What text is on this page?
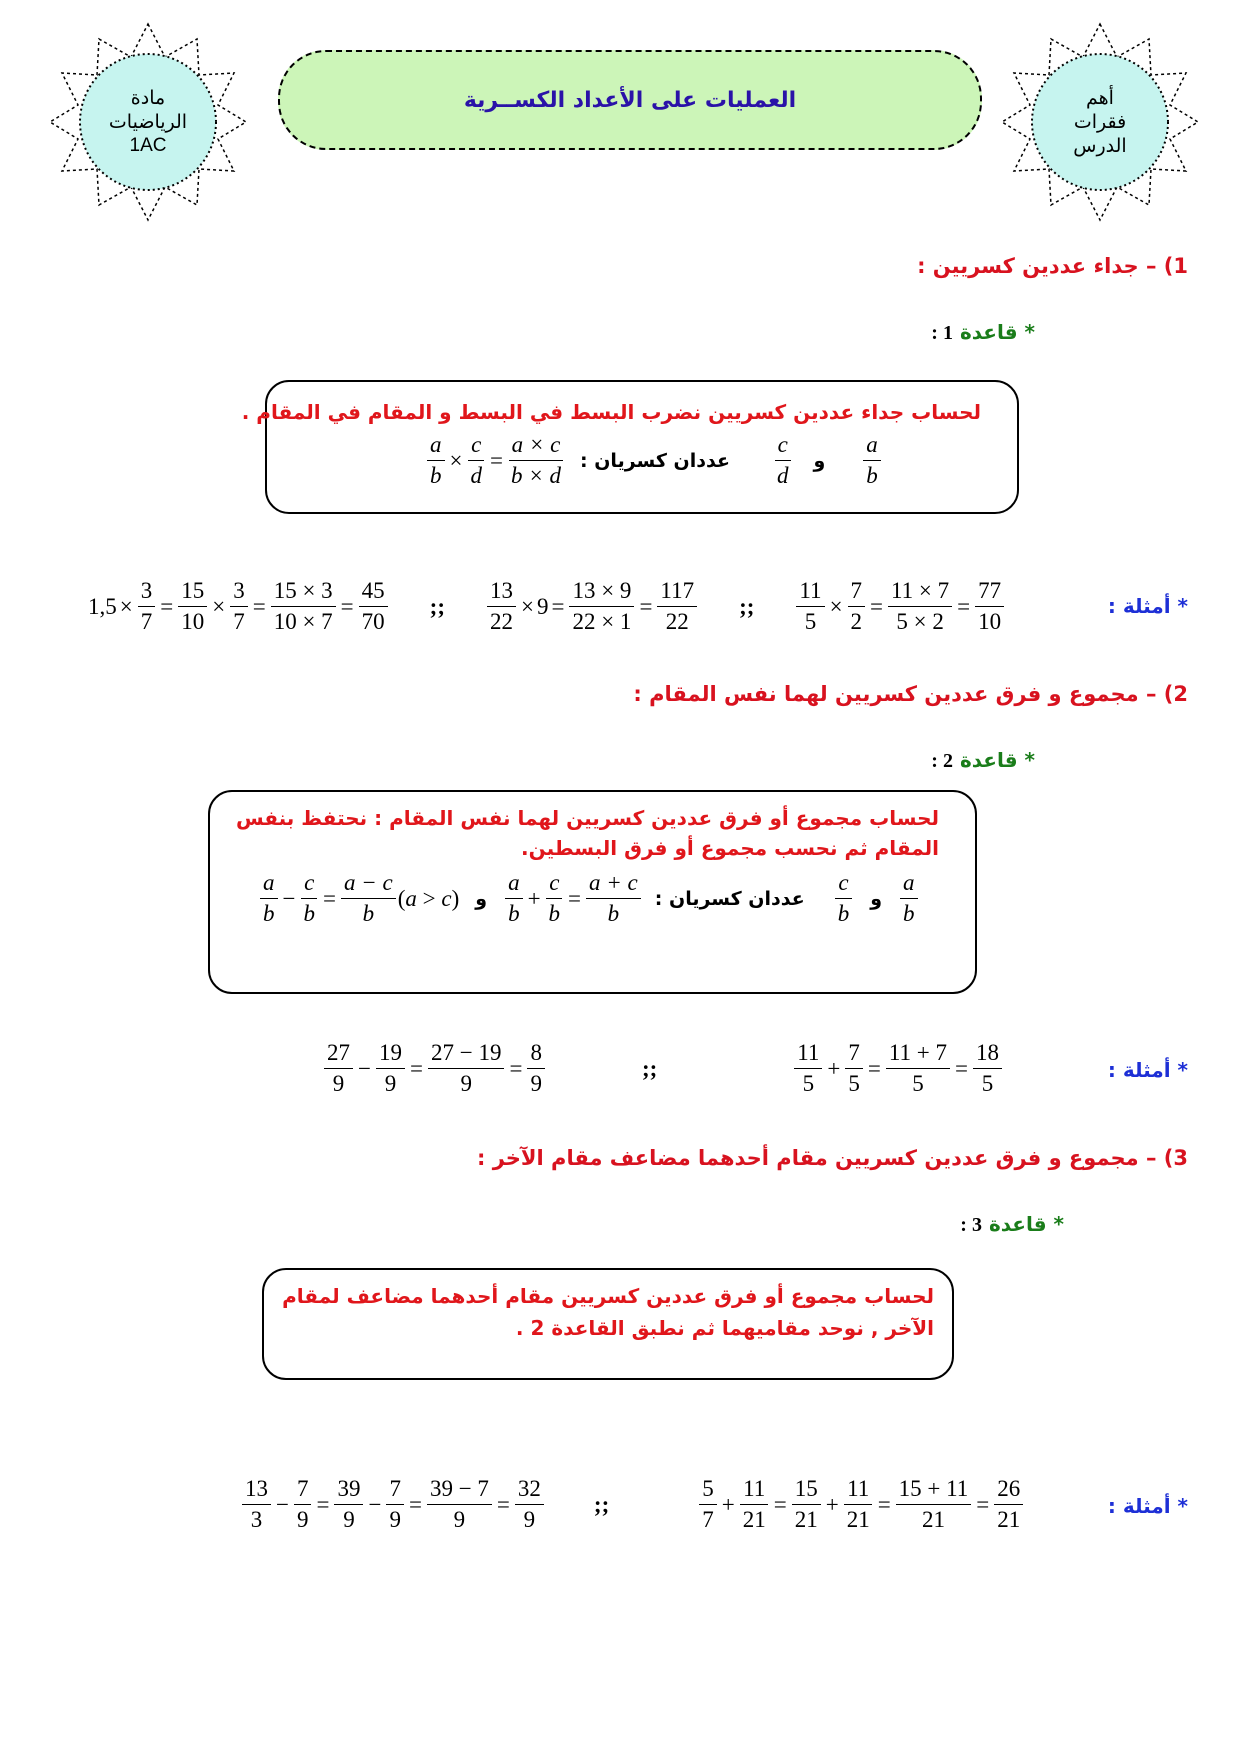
مادة
الرياضيات
1AC
أهم
فقرات
الدرس
العمليات على الأعداد الكســرية
1) – جداء عددين كسريين :
* قاعدة 1 :
لحساب جداء عددين كسريين نضرب البسط في البسط و المقام في المقام .
$\frac{a}{b} \times \frac{c}{d} = \frac{a \times c}{b \times d}$ عددان كسريان :
c
d
و
a
b
* أمثلة :
$1,5 \times \frac{3}{7} = \frac{15}{10} \times \frac{3}{7} = \frac{15 \times 3}{10 \times 7} = \frac{45}{70}$ ;; $\frac{13}{22} \times 9 = \frac{13 \times 9}{22 \times 1} = \frac{117}{22}$ ;; $\frac{11}{5} \times \frac{7}{2} = \frac{11 \times 7}{5 \times 2} = \frac{77}{10}$
2) – مجموع و فرق عددين كسريين لهما نفس المقام :
* قاعدة 2 :
لحساب مجموع أو فرق عددين كسريين لهما نفس المقام : نحتفظ بنفس
المقام ثم نحسب مجموع أو فرق البسطين.
a
b
− $\frac{c}{b} = \frac{a - c}{b} (a > c)$ و
a
b
+ $\frac{c}{b} = \frac{a + c}{b}$ عددان كسريان :
c
b
و
a
b
* أمثلة :
27
9
− $\frac{19}{9} = \frac{27 - 19}{9} = \frac{8}{9}$	;;
11
5
+ $\frac{7}{5} = \frac{11 + 7}{5} = \frac{18}{5}$
3) – مجموع و فرق عددين كسريين مقام أحدهما مضاعف مقام الآخر :
* قاعدة 3 :
لحساب مجموع أو فرق عددين كسريين مقام أحدهما مضاعف لمقام
الآخر , نوحد مقاميهما ثم نطبق القاعدة 2 .
* أمثلة :
13
3
− $\frac{7}{9} = \frac{39}{9} - \frac{7}{9} = \frac{39 - 7}{9} = \frac{32}{9}$ ;;
5
7
+ $\frac{11}{21} = \frac{15}{21} + \frac{11}{21} = \frac{15 + 11}{21} = \frac{26}{21}$
